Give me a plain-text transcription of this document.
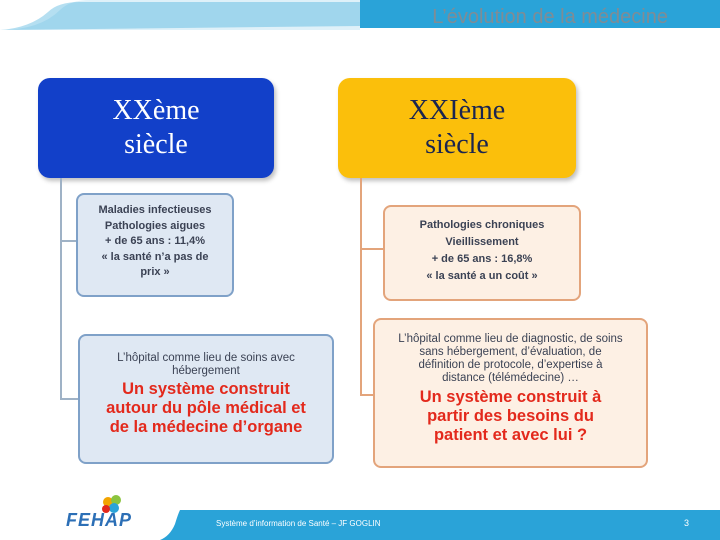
L’évolution de la médecine
XXème
siècle
XXIème
siècle
Maladies infectieuses
Pathologies aigues
+ de 65 ans : 11,4%
« la santé n’a pas de
prix »
L’hôpital comme lieu de soins avec
hébergement
Un système construit
autour du pôle médical et
de la médecine d’organe
Pathologies chroniques
Vieillissement
+ de 65 ans : 16,8%
« la santé a un coût »
L’hôpital comme lieu de diagnostic, de soins
sans hébergement, d’évaluation, de
définition de protocole, d’expertise à
distance (télémédecine) …
Un système construit à
partir des besoins du
patient et avec lui ?
Système d’information de Santé – JF GOGLIN	3
FEHAP
